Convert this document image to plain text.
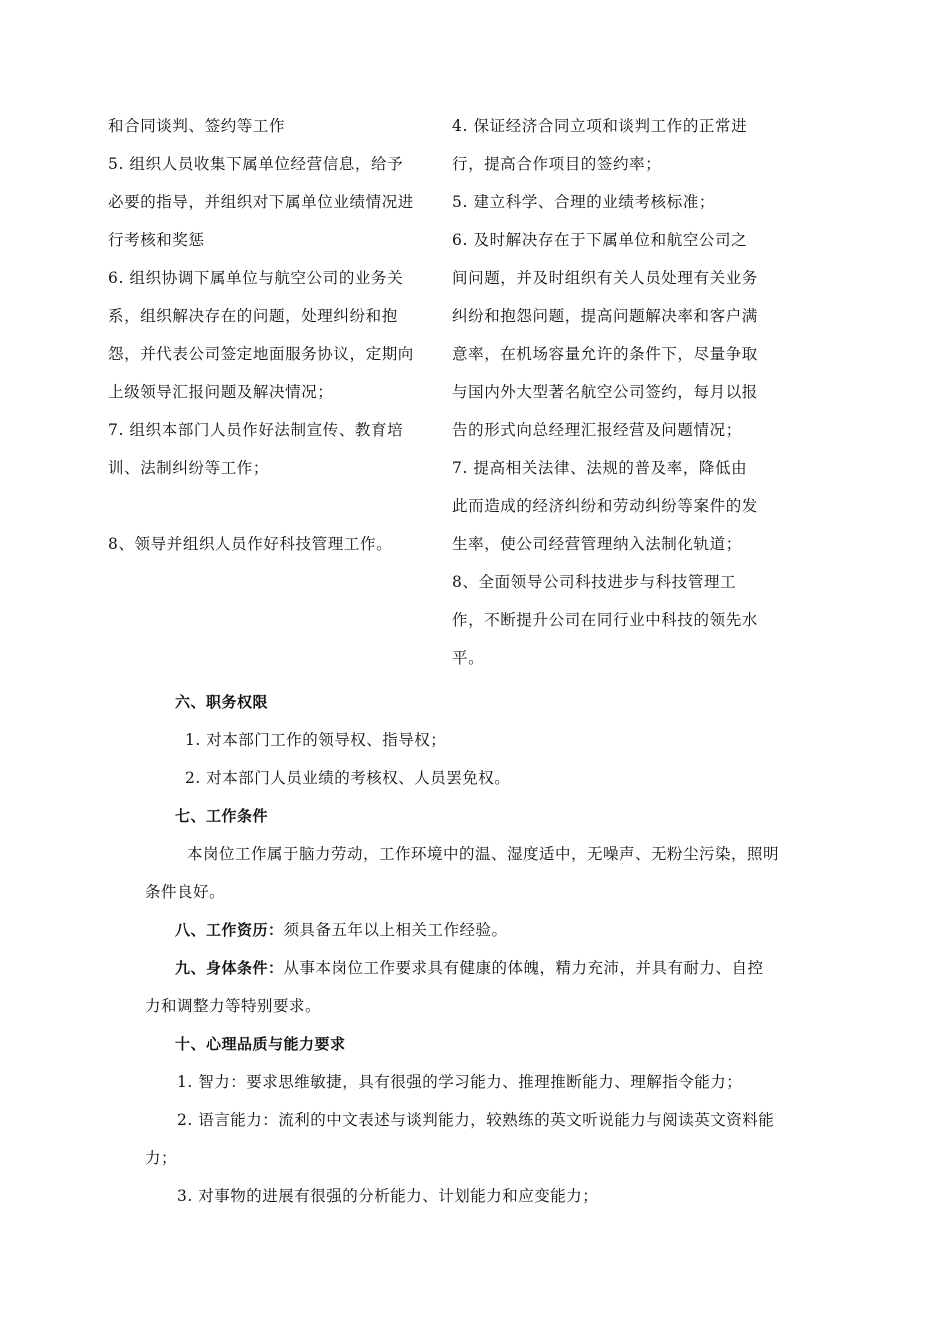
和合同谈判、签约等工作
5. 组织人员收集下属单位经营信息，给予
必要的指导，并组织对下属单位业绩情况进
行考核和奖惩
6. 组织协调下属单位与航空公司的业务关
系，组织解决存在的问题，处理纠纷和抱
怨，并代表公司签定地面服务协议，定期向
上级领导汇报问题及解决情况；
7. 组织本部门人员作好法制宣传、教育培
训、法制纠纷等工作；
8、领导并组织人员作好科技管理工作。
4. 保证经济合同立项和谈判工作的正常进
行，提高合作项目的签约率；
5. 建立科学、合理的业绩考核标准；
6. 及时解决存在于下属单位和航空公司之
间问题，并及时组织有关人员处理有关业务
纠纷和抱怨问题，提高问题解决率和客户满
意率，在机场容量允许的条件下，尽量争取
与国内外大型著名航空公司签约，每月以报
告的形式向总经理汇报经营及问题情况；
7. 提高相关法律、法规的普及率，降低由
此而造成的经济纠纷和劳动纠纷等案件的发
生率，使公司经营管理纳入法制化轨道；
8、全面领导公司科技进步与科技管理工
作，不断提升公司在同行业中科技的领先水
平。
六、职务权限
1. 对本部门工作的领导权、指导权；
2. 对本部门人员业绩的考核权、人员罢免权。
七、工作条件
本岗位工作属于脑力劳动，工作环境中的温、湿度适中，无噪声、无粉尘污染，照明
条件良好。
八、工作资历：须具备五年以上相关工作经验。
九、身体条件：从事本岗位工作要求具有健康的体魄，精力充沛，并具有耐力、自控
力和调整力等特别要求。
十、心理品质与能力要求
1. 智力：要求思维敏捷，具有很强的学习能力、推理推断能力、理解指令能力；
2. 语言能力：流利的中文表述与谈判能力，较熟练的英文听说能力与阅读英文资料能
力；
3. 对事物的进展有很强的分析能力、计划能力和应变能力；
